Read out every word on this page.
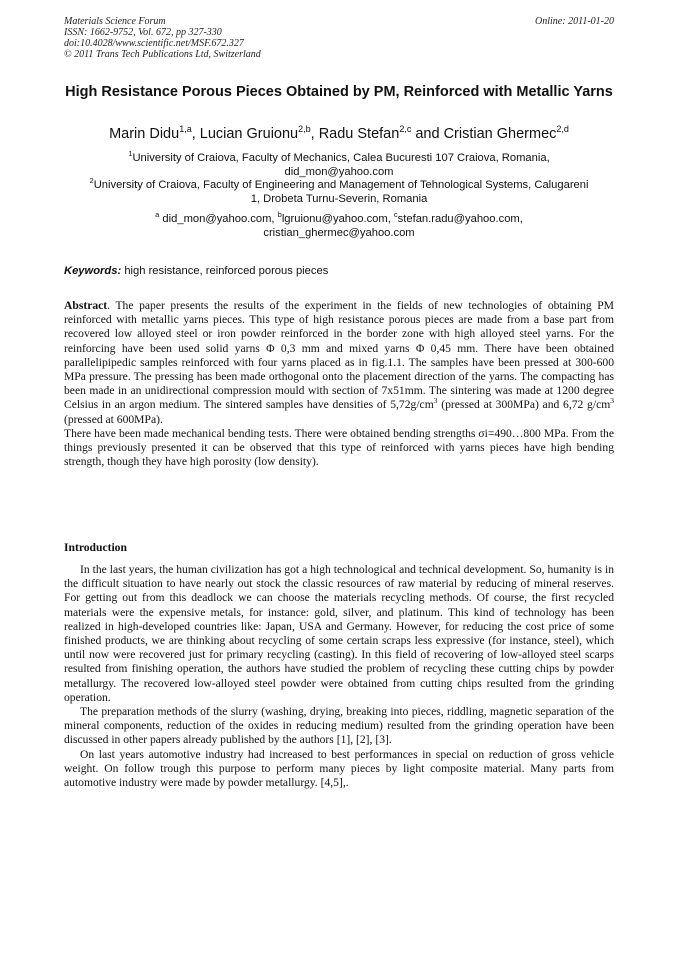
Materials Science Forum
ISSN: 1662-9752, Vol. 672, pp 327-330
doi:10.4028/www.scientific.net/MSF.672.327
© 2011 Trans Tech Publications Ltd, Switzerland
Online: 2011-01-20
High Resistance Porous Pieces Obtained by PM, Reinforced with Metallic Yarns
Marin Didu$^{1,a}$, Lucian Gruionu$^{2,b}$, Radu Stefan$^{2,c}$ and Cristian Ghermec$^{2,d}$
$^1$University of Craiova, Faculty of Mechanics, Calea Bucuresti 107 Craiova, Romania,
did_mon@yahoo.com
$^2$University of Craiova, Faculty of Engineering and Management of Tehnological Systems, Calugareni
1, Drobeta Turnu-Severin, Romania
$^a$ did_mon@yahoo.com, $^b$lgruionu@yahoo.com, $^c$stefan.radu@yahoo.com,
cristian_ghermec@yahoo.com
Keywords: high resistance, reinforced porous pieces

Abstract. The paper presents the results of the experiment in the fields of new technologies of obtaining PM reinforced with metallic yarns pieces. This type of high resistance porous pieces are made from a base part from recovered low alloyed steel or iron powder reinforced in the border zone with high alloyed steel yarns. For the reinforcing have been used solid yarns Φ 0,3 mm and mixed yarns Φ 0,45 mm. There have been obtained parallelipipedic samples reinforced with four yarns placed as in fig.1.1. The samples have been pressed at 300-600 MPa pressure. The pressing has been made orthogonal onto the placement direction of the yarns. The compacting has been made in an unidirectional compression mould with section of 7x51mm. The sintering was made at 1200 degree Celsius in an argon medium. The sintered samples have densities of $5,72g/cm^3$ (pressed at 300MPa) and 6,72 $g/cm^3$ (pressed at 600MPa).

There have been made mechanical bending tests. There were obtained bending strengths σi=490…800 MPa. From the things previously presented it can be observed that this type of reinforced with yarns pieces have high bending strength, though they have high porosity (low density).

Introduction

In the last years, the human civilization has got a high technological and technical development. So, humanity is in the difficult situation to have nearly out stock the classic resources of raw material by reducing of mineral reserves. For getting out from this deadlock we can choose the materials recycling methods. Of course, the first recycled materials were the expensive metals, for instance: gold, silver, and platinum. This kind of technology has been realized in high-developed countries like: Japan, USA and Germany. However, for reducing the cost price of some finished products, we are thinking about recycling of some certain scraps less expressive (for instance, steel), which until now were recovered just for primary recycling (casting). In this field of recovering of low-alloyed steel scarps resulted from finishing operation, the authors have studied the problem of recycling these cutting chips by powder metallurgy. The recovered low-alloyed steel powder were obtained from cutting chips resulted from the grinding operation.

The preparation methods of the slurry (washing, drying, breaking into pieces, riddling, magnetic separation of the mineral components, reduction of the oxides in reducing medium) resulted from the grinding operation have been discussed in other papers already published by the authors [1], [2], [3].

On last years automotive industry had increased to best performances in special on reduction of gross vehicle weight. On follow trough this purpose to perform many pieces by light composite material. Many parts from automotive industry were made by powder metallurgy. [4,5],.
